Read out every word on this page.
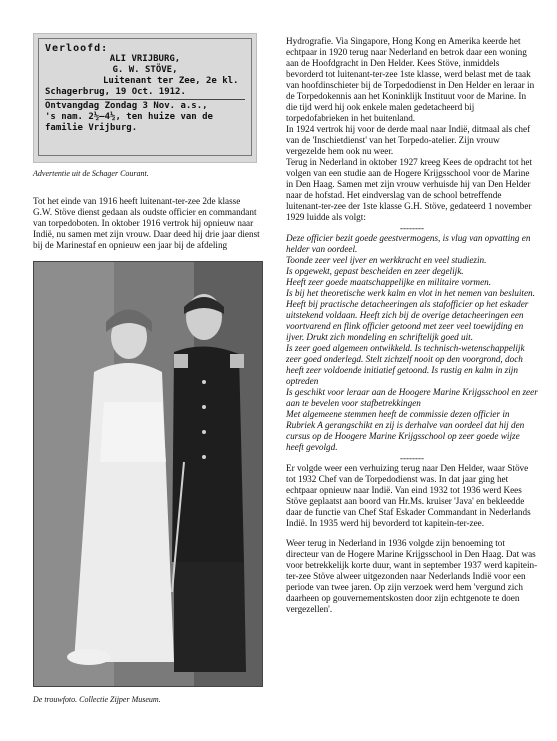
Verloofd:
ALI VRIJBURG,
G. W. STÖVE,
Luitenant ter Zee, 2e kl.
Schagerbrug, 19 Oct. 1912.
Ontvangdag Zondag 3 Nov. a.s.,
's nam. 2½—4½, ten huize van de
familie Vrijburg.
Advertentie uit de Schager Courant.

Tot het einde van 1916 heeft luitenant-ter-zee 2de klasse G.W. Stöve dienst gedaan als oudste officier en commandant van torpedoboten. In oktober 1916 vertrok hij opnieuw naar Indië, nu samen met zijn vrouw. Daar deed hij drie jaar dienst bij de Marinestaf en opnieuw een jaar bij de afdeling

De trouwfoto. Collectie Zijper Museum.

Hydrografie. Via Singapore, Hong Kong en Amerika keerde het echtpaar in 1920 terug naar Nederland en betrok daar een woning aan de Hoofdgracht in Den Helder. Kees Stöve, inmiddels bevorderd tot luitenant-ter-zee 1ste klasse, werd belast met de taak van hoofdinschieter bij de Torpedodienst in Den Helder en leraar in de Torpedokennis aan het Koninklijk Instituut voor de Marine. In die tijd werd hij ook enkele malen gedetacheerd bij torpedofabrieken in het buitenland.

In 1924 vertrok hij voor de derde maal naar Indië, ditmaal als chef van de 'Inschietdienst' van het Torpedo-atelier. Zijn vrouw vergezelde hem ook nu weer.

Terug in Nederland in oktober 1927 kreeg Kees de opdracht tot het volgen van een studie aan de Hogere Krijgsschool voor de Marine in Den Haag. Samen met zijn vrouw verhuisde hij van Den Helder naar de hofstad. Het eindverslag van de school betreffende luitenant-ter-zee der 1ste klasse G.H. Stöve, gedateerd 1 november 1929 luidde als volgt:

--------

Deze officier bezit goede geestvermogens, is vlug van opvatting en helder van oordeel.

Toonde zeer veel ijver en werkkracht en veel studiezin.

Is opgewekt, gepast bescheiden en zeer degelijk.

Heeft zeer goede maatschappelijke en militaire vormen.

Is bij het theoretische werk kalm en vlot in het nemen van besluiten. Heeft bij practische detacheeringen als stafofficier op het eskader uitstekend voldaan. Heeft zich bij de overige detacheeringen een voortvarend en flink officier getoond met zeer veel toewijding en ijver. Drukt zich mondeling en schriftelijk goed uit.

Is zeer goed algemeen ontwikkeld. Is technisch-wetenschappelijk zeer goed onderlegd. Stelt zichzelf nooit op den voorgrond, doch heeft zeer voldoende initiatief getoond. Is rustig en kalm in zijn optreden

Is geschikt voor leraar aan de Hoogere Marine Krijgsschool en zeer aan te bevelen voor stafbetrekkingen

Met algemeene stemmen heeft de commissie dezen officier in Rubriek A gerangschikt en zij is derhalve van oordeel dat hij den cursus op de Hoogere Marine Krijgsschool op zeer goede wijze heeft gevolgd.

--------

Er volgde weer een verhuizing terug naar Den Helder, waar Stöve tot 1932 Chef van de Torpedodienst was. In dat jaar ging het echtpaar opnieuw naar Indië. Van eind 1932 tot 1936 werd Kees Stöve geplaatst aan boord van Hr.Ms. kruiser 'Java' en bekleedde daar de functie van Chef Staf Eskader Commandant in Nederlands Indië. In 1935 werd hij bevorderd tot kapitein-ter-zee.

Weer terug in Nederland in 1936 volgde zijn benoeming tot directeur van de Hogere Marine Krijgsschool in Den Haag. Dat was voor betrekkelijk korte duur, want in september 1937 werd kapitein-ter-zee Stöve alweer uitgezonden naar Nederlands Indië voor een periode van twee jaren. Op zijn verzoek werd hem 'vergund zich daarheen op gouvernementskosten door zijn echtgenote te doen vergezellen'.
